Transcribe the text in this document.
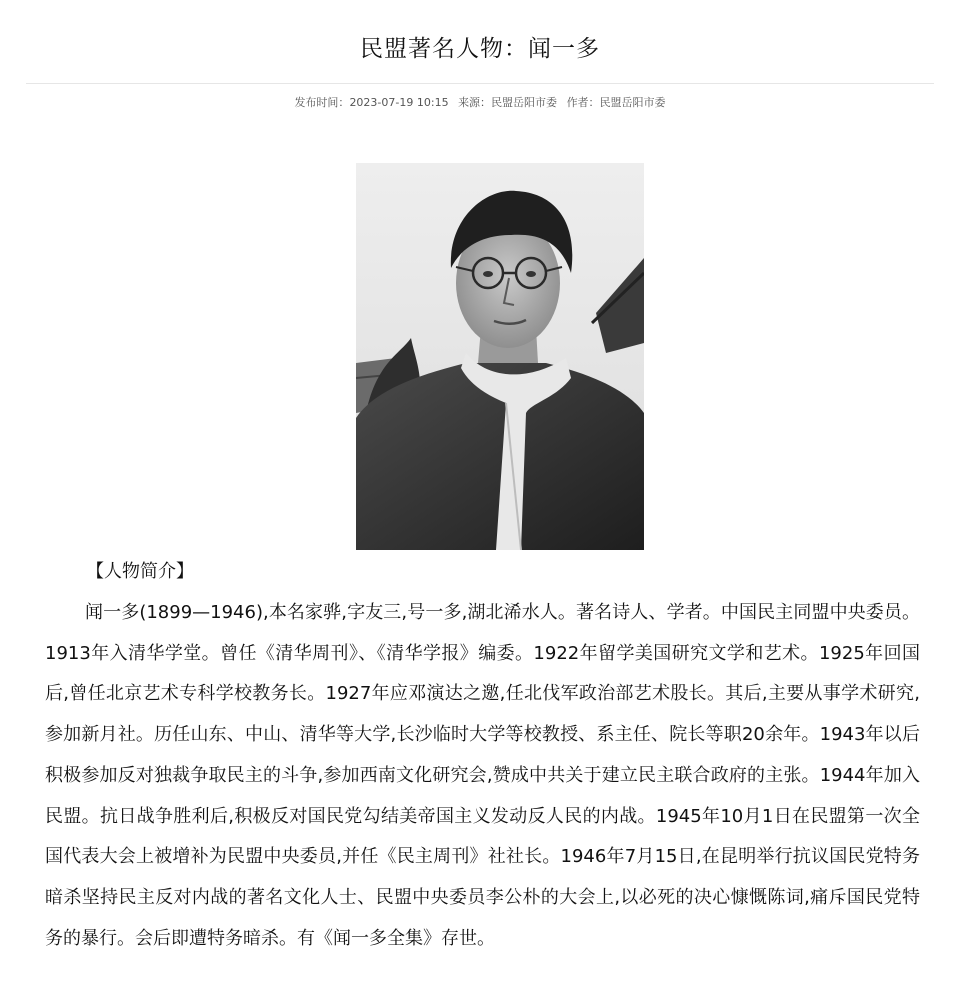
民盟著名人物：闻一多
发布时间：2023-07-19 10:15 来源：民盟岳阳市委 作者：民盟岳阳市委
【人物简介】

闻一多(1899—1946),本名家骅,字友三,号一多,湖北浠水人。著名诗人、学者。中国民主同盟中央委员。1913年入清华学堂。曾任《清华周刊》、《清华学报》编委。1922年留学美国研究文学和艺术。1925年回国后,曾任北京艺术专科学校教务长。1927年应邓演达之邀,任北伐军政治部艺术股长。其后,主要从事学术研究,参加新月社。历任山东、中山、清华等大学,长沙临时大学等校教授、系主任、院长等职20余年。1943年以后积极参加反对独裁争取民主的斗争,参加西南文化研究会,赞成中共关于建立民主联合政府的主张。1944年加入民盟。抗日战争胜利后,积极反对国民党勾结美帝国主义发动反人民的内战。1945年10月1日在民盟第一次全国代表大会上被增补为民盟中央委员,并任《民主周刊》社社长。1946年7月15日,在昆明举行抗议国民党特务暗杀坚持民主反对内战的著名文化人士、民盟中央委员李公朴的大会上,以必死的决心慷慨陈词,痛斥国民党特务的暴行。会后即遭特务暗杀。有《闻一多全集》存世。
